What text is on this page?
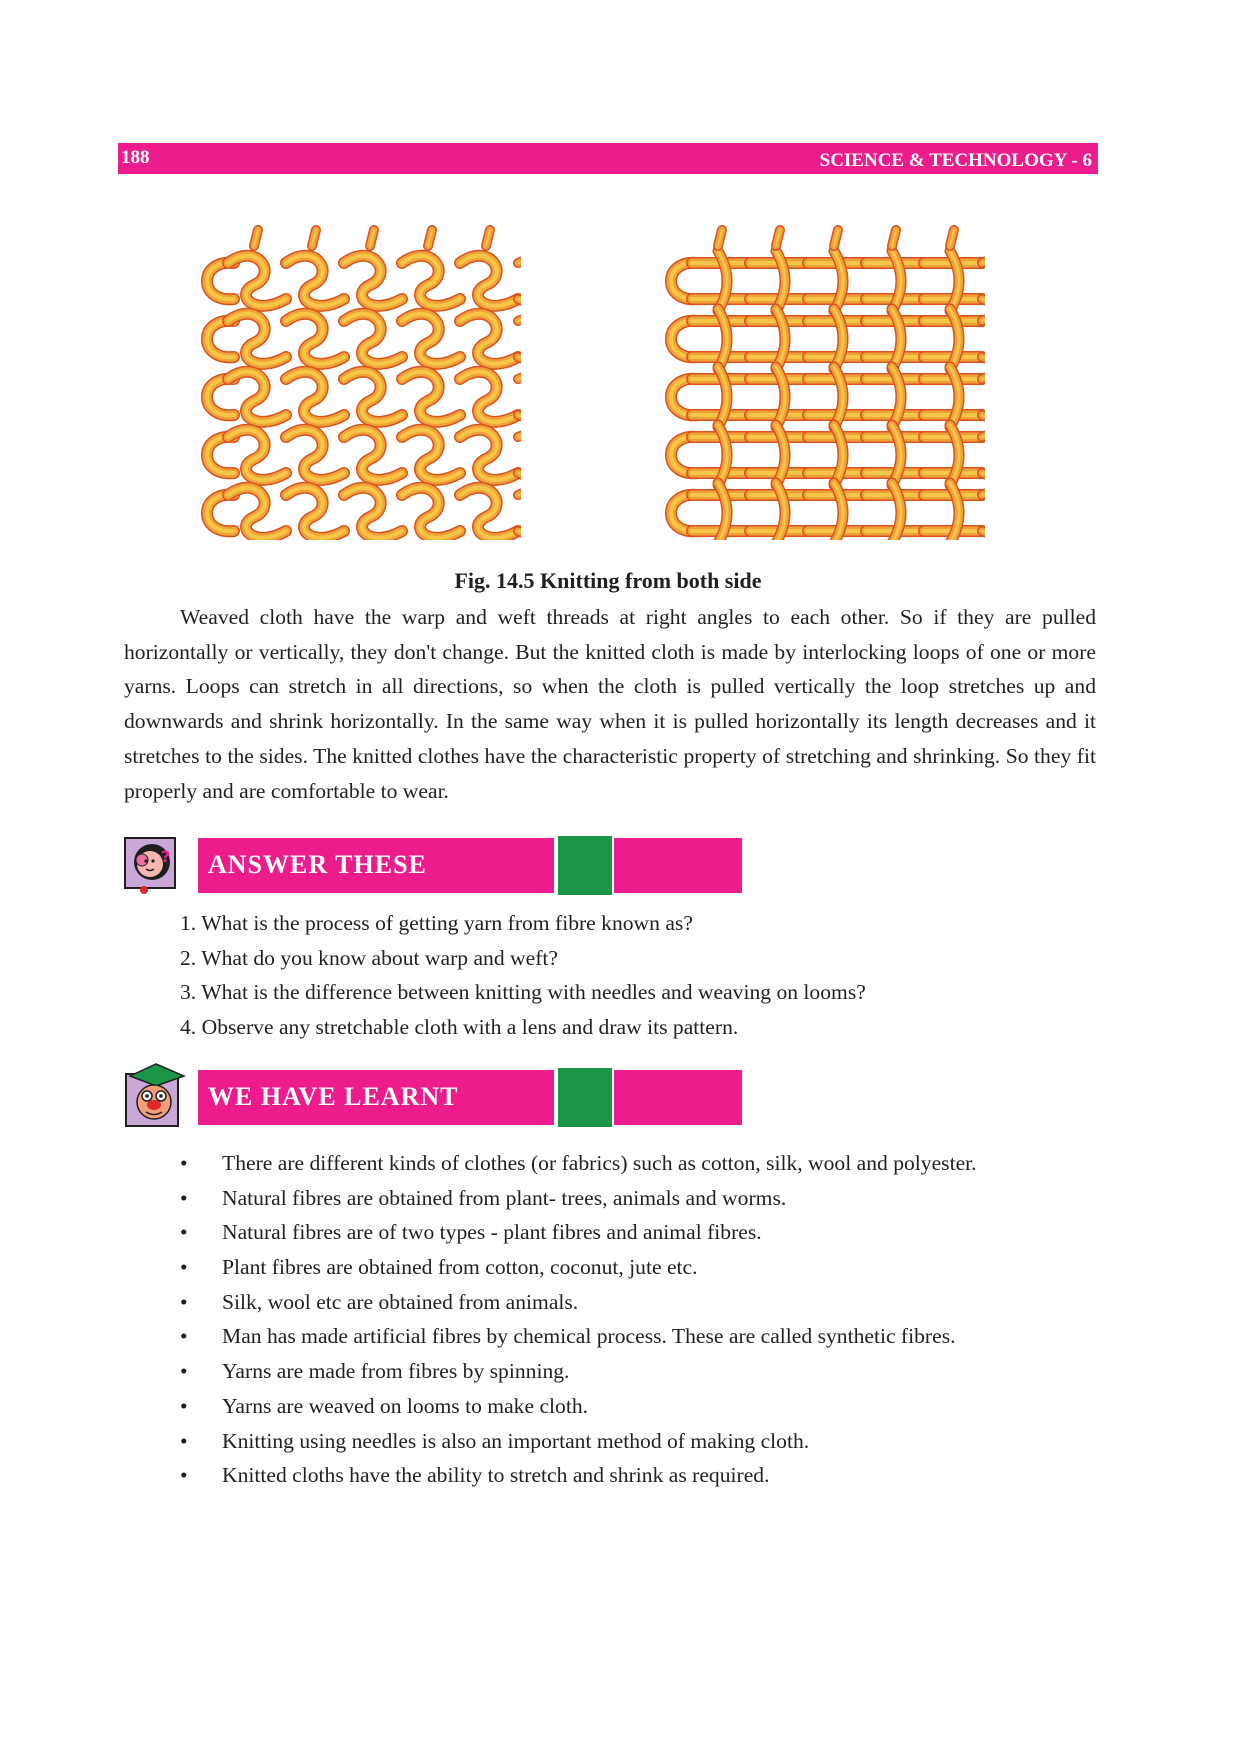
188	SCIENCE & TECHNOLOGY - 6
Fig. 14.5 Knitting from both side

Weaved cloth have the warp and weft threads at right angles to each other. So if they are pulled horizontally or vertically, they don't change. But the knitted cloth is made by interlocking loops of one or more yarns. Loops can stretch in all directions, so when the cloth is pulled vertically the loop stretches up and downwards and shrink horizontally. In the same way when it is pulled horizontally its length decreases and it stretches to the sides. The knitted clothes have the characteristic property of stretching and shrinking. So they fit properly and are comfortable to wear.

? ANSWER THESE
1. What is the process of getting yarn from fibre known as?
2. What do you know about warp and weft?
3. What is the difference between knitting with needles and weaving on looms?
4. Observe any stretchable cloth with a lens and draw its pattern.
WE HAVE LEARNT
• There are different kinds of clothes (or fabrics) such as cotton, silk, wool and polyester.
• Natural fibres are obtained from plant- trees, animals and worms.
• Natural fibres are of two types - plant fibres and animal fibres.
• Plant fibres are obtained from cotton, coconut, jute etc.
• Silk, wool etc are obtained from animals.
• Man has made artificial fibres by chemical process. These are called synthetic fibres.
• Yarns are made from fibres by spinning.
• Yarns are weaved on looms to make cloth.
• Knitting using needles is also an important method of making cloth.
• Knitted cloths have the ability to stretch and shrink as required.
